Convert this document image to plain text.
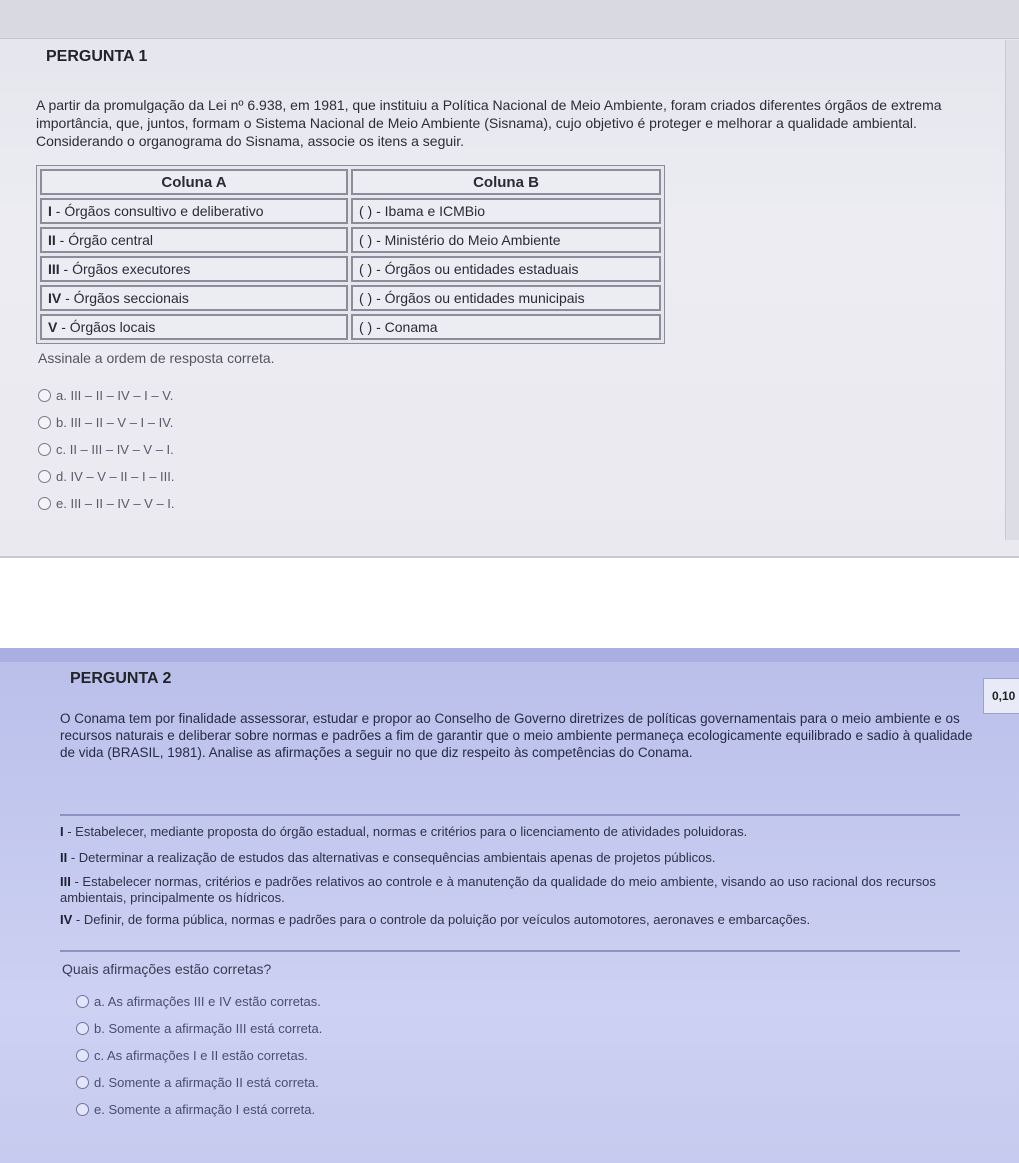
PERGUNTA 1

A partir da promulgação da Lei nº 6.938, em 1981, que instituiu a Política Nacional de Meio Ambiente, foram criados diferentes órgãos de extrema importância, que, juntos, formam o Sistema Nacional de Meio Ambiente (Sisnama), cujo objetivo é proteger e melhorar a qualidade ambiental. Considerando o organograma do Sisnama, associe os itens a seguir.

Coluna A	Coluna B
I - Órgãos consultivo e deliberativo	( ) - Ibama e ICMBio
II - Órgão central	( ) - Ministério do Meio Ambiente
III - Órgãos executores	( ) - Órgãos ou entidades estaduais
IV - Órgãos seccionais	( ) - Órgãos ou entidades municipais
V - Órgãos locais	( ) - Conama
Assinale a ordem de resposta correta.
a. III – II – IV – I – V.
b. III – II – V – I – IV.
c. II – III – IV – V – I.
d. IV – V – II – I – III.
e. III – II – IV – V – I.
PERGUNTA 2

O Conama tem por finalidade assessorar, estudar e propor ao Conselho de Governo diretrizes de políticas governamentais para o meio ambiente e os recursos naturais e deliberar sobre normas e padrões a fim de garantir que o meio ambiente permaneça ecologicamente equilibrado e sadio à qualidade de vida (BRASIL, 1981). Analise as afirmações a seguir no que diz respeito às competências do Conama.

I - Estabelecer, mediante proposta do órgão estadual, normas e critérios para o licenciamento de atividades poluidoras.

II - Determinar a realização de estudos das alternativas e consequências ambientais apenas de projetos públicos.

III - Estabelecer normas, critérios e padrões relativos ao controle e à manutenção da qualidade do meio ambiente, visando ao uso racional dos recursos ambientais, principalmente os hídricos.

IV - Definir, de forma pública, normas e padrões para o controle da poluição por veículos automotores, aeronaves e embarcações.

Quais afirmações estão corretas?
a. As afirmações III e IV estão corretas.
b. Somente a afirmação III está correta.
c. As afirmações I e II estão corretas.
d. Somente a afirmação II está correta.
e. Somente a afirmação I está correta.
0,10
